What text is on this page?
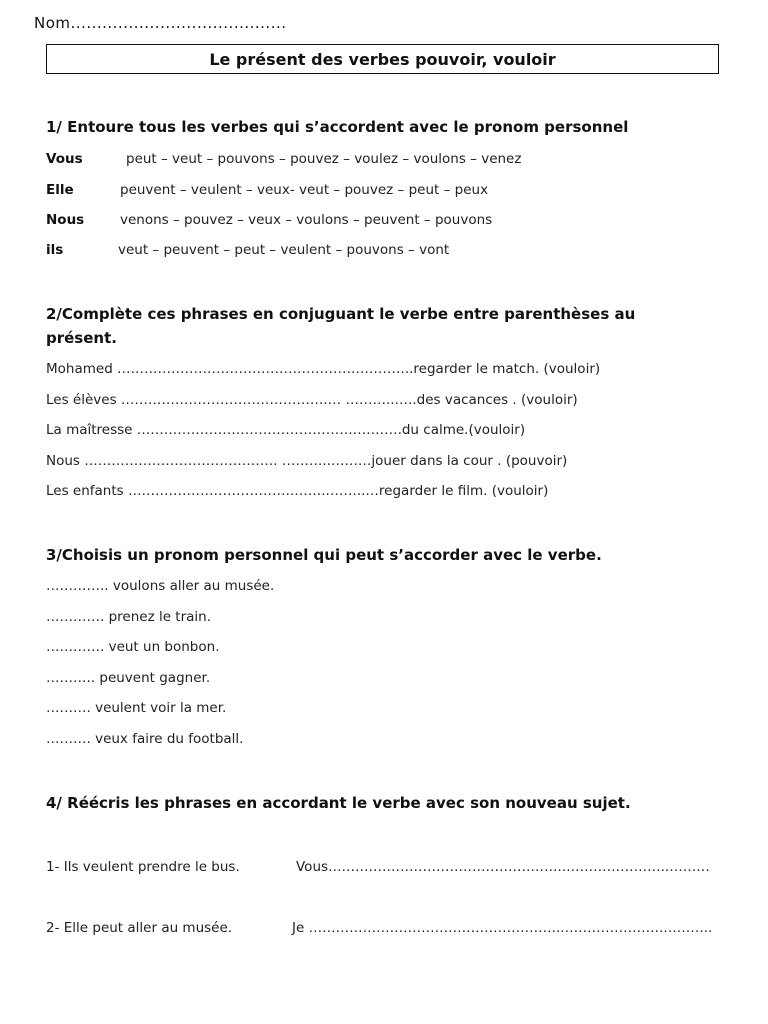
Nom.........................................
Le présent des verbes pouvoir, vouloir
1/ Entoure tous les verbes qui s’accordent avec le pronom personnel
Vous	peut – veut – pouvons – pouvez – voulez – voulons – venez
Elle	peuvent – veulent – veux- veut – pouvez – peut – peux
Nous	venons – pouvez – veux – voulons – peuvent – pouvons
ils	veut – peuvent – peut – veulent – pouvons – vont
2/Complète ces phrases en conjuguant le verbe entre parenthèses au présent.
Mohamed ……………………………………………….………..regarder le match. (vouloir)
Les élèves ……………………………………….… ………..…..des vacances . (vouloir)
La maîtresse ………………………………………….……….du calme.(vouloir)
Nous ……………………………………. ………..………jouer dans la cour . (pouvoir)
Les enfants ……………………………….……..……..…regarder le film. (vouloir)
3/Choisis un pronom personnel qui peut s’accorder avec le verbe.
………….. voulons aller au musée.
…………. prenez le train.
…………. veut un bonbon.
……….. peuvent gagner.
………. veulent voir la mer.
………. veux faire du football.
4/ Réécris les phrases en accordant le verbe avec son nouveau sujet.
1- Ils veulent prendre le bus.	Vous……………………………………………..…………………..………
2- Elle peut aller au musée.	Je ………………………………………………..…………………..………..
